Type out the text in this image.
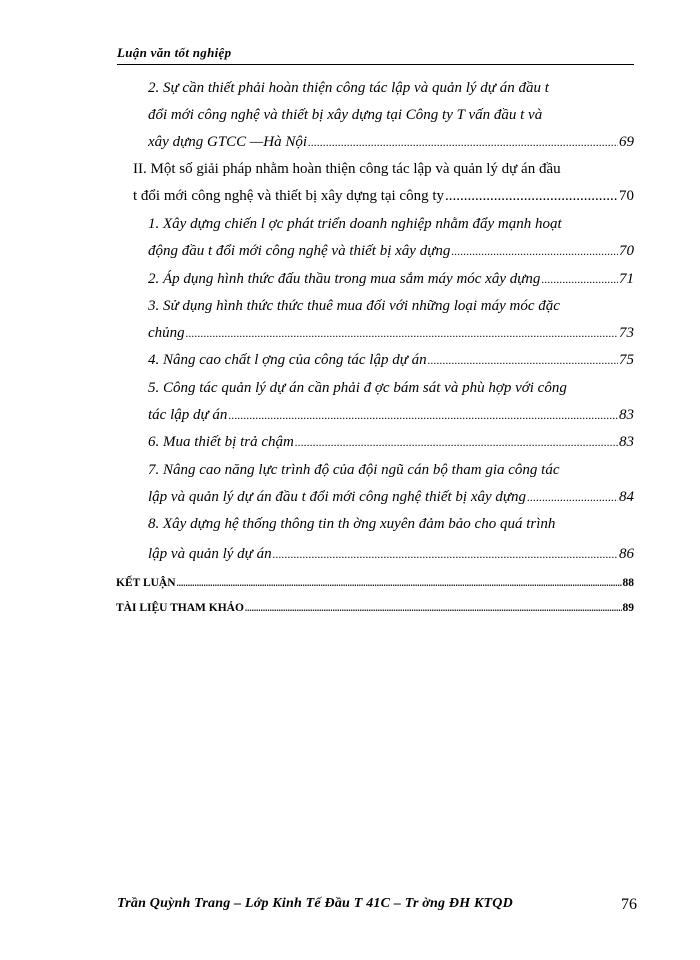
Luận văn tốt nghiệp
2. Sự cần thiết phải hoàn thiện công tác lập và quản lý dự án đầu t
đổi mới công nghệ và thiết bị xây dựng tại Công ty T vấn đầu t và
xây dựng GTCC —Hà Nội .....	69
II. Một số giải pháp nhằm hoàn thiện công tác lập và quản lý dự án đầu
t đổi mới công nghệ và thiết bị xây dựng tại công ty .....	70
1. Xây dựng chiến l ợc phát triển doanh nghiệp nhằm đẩy mạnh hoạt
động đầu t đổi mới công nghệ và thiết bị xây dựng .....	70
2. Áp dụng hình thức đấu thầu trong mua sắm máy móc xây dựng .....	71
3. Sử dụng hình thức thức thuê mua đối với những loại máy móc đặc
chủng .....	73
4. Nâng cao chất l ợng của công tác lập dự án .....	75
5. Công tác quản lý dự án cần phải đ ợc bám sát và phù hợp với công
tác lập dự án .....	83
6. Mua thiết bị trả chậm .....	83
7. Nâng cao năng lực trình độ của đội ngũ cán bộ tham gia công tác
lập và quản lý dự án đầu t đổi mới công nghệ thiết bị xây dựng .....	84
8. Xây dựng hệ thống thông tin th ờng xuyên đảm bảo cho quá trình
lập và quản lý dự án .....	86
KẾT LUẬN .....	88
TÀI LIỆU THAM KHẢO .....	89
Trần Quỳnh Trang – Lớp Kinh Tế Đầu T 41C – Tr ờng ĐH KTQD	76
